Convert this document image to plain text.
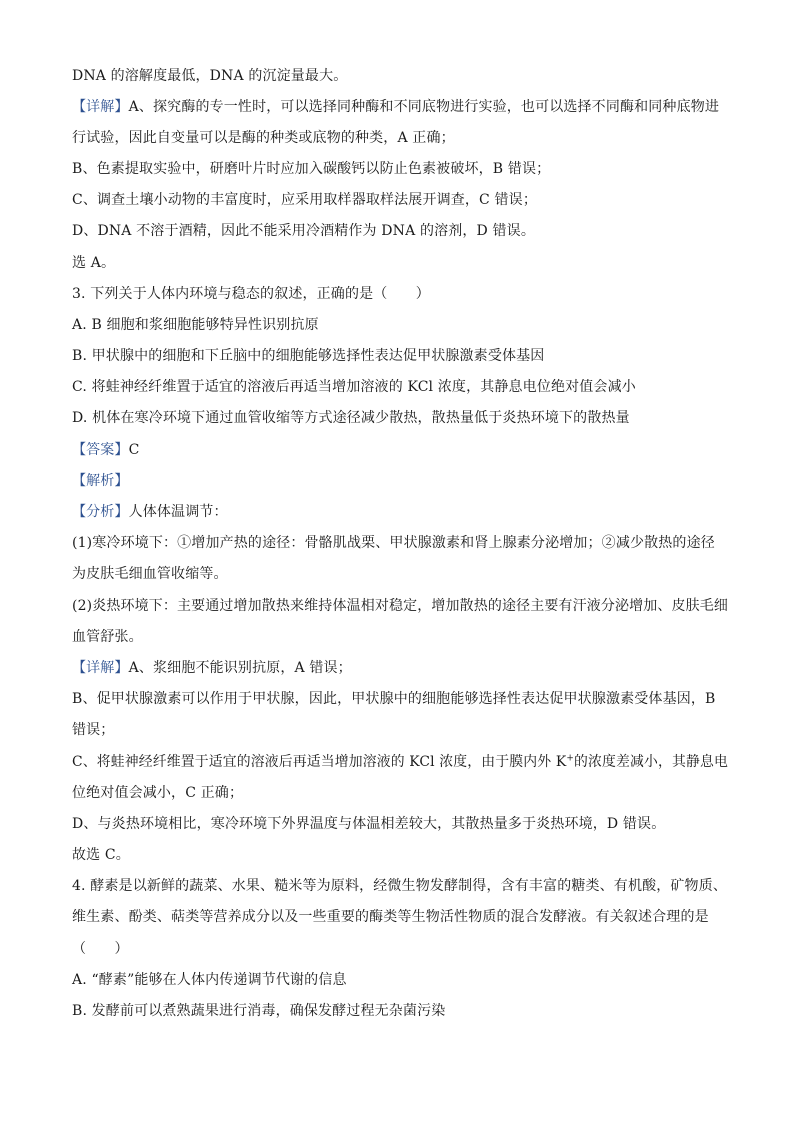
DNA 的溶解度最低，DNA 的沉淀量最大。
【详解】A、探究酶的专一性时，可以选择同种酶和不同底物进行实验，也可以选择不同酶和同种底物进
行试验，因此自变量可以是酶的种类或底物的种类，A 正确；
B、色素提取实验中，研磨叶片时应加入碳酸钙以防止色素被破坏，B 错误；
C、调查土壤小动物的丰富度时，应采用取样器取样法展开调查，C 错误；
D、DNA 不溶于酒精，因此不能采用冷酒精作为 DNA 的溶剂，D 错误。
选 A。
3. 下列关于人体内环境与稳态的叙述，正确的是（　　）
A. B 细胞和浆细胞能够特异性识别抗原
B. 甲状腺中的细胞和下丘脑中的细胞能够选择性表达促甲状腺激素受体基因
C. 将蛙神经纤维置于适宜的溶液后再适当增加溶液的 KCl 浓度，其静息电位绝对值会减小
D. 机体在寒冷环境下通过血管收缩等方式途径减少散热，散热量低于炎热环境下的散热量
【答案】C
【解析】
【分析】人体体温调节：
(1)寒冷环境下：①增加产热的途径：骨骼肌战栗、甲状腺激素和肾上腺素分泌增加；②减少散热的途径
为皮肤毛细血管收缩等。
(2)炎热环境下：主要通过增加散热来维持体温相对稳定，增加散热的途径主要有汗液分泌增加、皮肤毛细
血管舒张。
【详解】A、浆细胞不能识别抗原，A 错误；
B、促甲状腺激素可以作用于甲状腺，因此，甲状腺中的细胞能够选择性表达促甲状腺激素受体基因，B
错误；
C、将蛙神经纤维置于适宜的溶液后再适当增加溶液的 KCl 浓度，由于膜内外 K+的浓度差减小，其静息电
位绝对值会减小，C 正确；
D、与炎热环境相比，寒冷环境下外界温度与体温相差较大，其散热量多于炎热环境，D 错误。
故选 C。
4. 酵素是以新鲜的蔬菜、水果、糙米等为原料，经微生物发酵制得，含有丰富的糖类、有机酸，矿物质、
维生素、酚类、萜类等营养成分以及一些重要的酶类等生物活性物质的混合发酵液。有关叙述合理的是
（　　）
A. “酵素”能够在人体内传递调节代谢的信息
B. 发酵前可以煮熟蔬果进行消毒，确保发酵过程无杂菌污染
